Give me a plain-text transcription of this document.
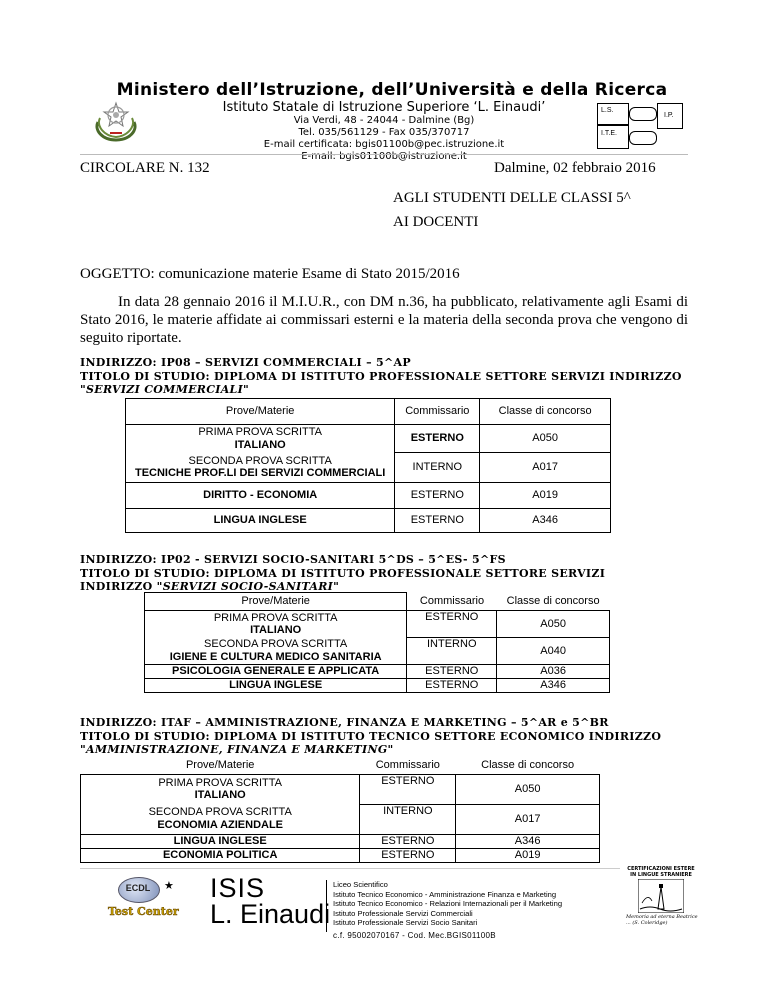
Ministero dell’Istruzione, dell’Università e della Ricerca
Istituto Statale di Istruzione Superiore ‘L. Einaudi’
Via Verdi, 48 - 24044 - Dalmine (Bg)
Tel. 035/561129 - Fax 035/370717
E-mail certificata: bgis01100b@pec.istruzione.it
E-mail: bgis01100b@istruzione.it
L.S.
I.P.
I.T.E.
CIRCOLARE N. 132	Dalmine, 02 febbraio 2016
AGLI STUDENTI DELLE CLASSI 5^
AI DOCENTI
OGGETTO: comunicazione materie Esame di Stato 2015/2016
In data 28 gennaio 2016 il M.I.U.R., con DM n.36, ha pubblicato, relativamente agli Esami di Stato 2016, le materie affidate ai commissari esterni e la materia della seconda prova che vengono di seguito riportate.
INDIRIZZO: IP08 – SERVIZI COMMERCIALI – 5^AP
TITOLO DI STUDIO: DIPLOMA DI ISTITUTO PROFESSIONALE SETTORE SERVIZI INDIRIZZO
"SERVIZI COMMERCIALI"
Prove/Materie	Commissario	Classe di concorso

PRIMA PROVA SCRITTA
ITALIANO	ESTERNO	A050

SECONDA PROVA SCRITTA
TECNICHE PROF.LI DEI SERVIZI COMMERCIALI	INTERNO	A017
DIRITTO - ECONOMIA	ESTERNO	A019
LINGUA INGLESE	ESTERNO	A346
INDIRIZZO: IP02 - SERVIZI SOCIO-SANITARI 5^DS – 5^ES- 5^FS
TITOLO DI STUDIO: DIPLOMA DI ISTITUTO PROFESSIONALE SETTORE SERVIZI
INDIRIZZO "SERVIZI SOCIO-SANITARI"
Prove/Materie	Commissario	Classe di concorso

PRIMA PROVA SCRITTA
ITALIANO	ESTERNO	A050

SECONDA PROVA SCRITTA
IGIENE E CULTURA MEDICO SANITARIA	INTERNO	A040
PSICOLOGIA GENERALE E APPLICATA	ESTERNO	A036
LINGUA INGLESE	ESTERNO	A346
INDIRIZZO: ITAF – AMMINISTRAZIONE, FINANZA E MARKETING – 5^AR e 5^BR
TITOLO DI STUDIO: DIPLOMA DI ISTITUTO TECNICO SETTORE ECONOMICO INDIRIZZO
"AMMINISTRAZIONE, FINANZA E MARKETING"
Prove/Materie	Commissario	Classe di concorso

PRIMA PROVA SCRITTA
ITALIANO	ESTERNO	A050

SECONDA PROVA SCRITTA
ECONOMIA AZIENDALE	INTERNO	A017
LINGUA INGLESE	ESTERNO	A346
ECONOMIA POLITICA	ESTERNO	A019
ECDL	★
Test Center
ISIS
L. Einaudi
Liceo Scientifico
Istituto Tecnico Economico - Amministrazione Finanza e Marketing
Istituto Tecnico Economico - Relazioni Internazionali per il Marketing
Istituto Professionale Servizi Commerciali
Istituto Professionale Servizi Socio Sanitari
c.f. 95002070167 - Cod. Mec.BGIS01100B
CERTIFICAZIONI ESTERE IN LINGUE STRANIERE
Memoria ad eterna Beatrice ... (S. Coleridge)
